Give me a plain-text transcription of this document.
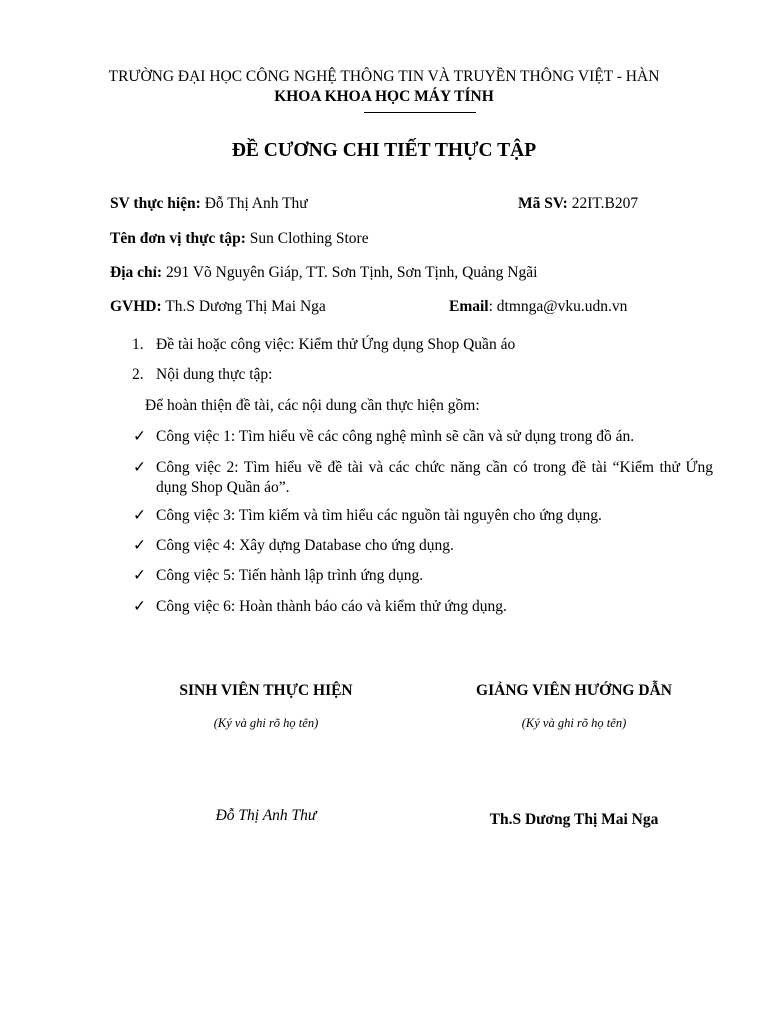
TRƯỜNG ĐẠI HỌC CÔNG NGHỆ THÔNG TIN VÀ TRUYỀN THÔNG VIỆT - HÀN
KHOA KHOA HỌC MÁY TÍNH
ĐỀ CƯƠNG CHI TIẾT THỰC TẬP
SV thực hiện: Đỗ Thị Anh Thư	Mã SV: 22IT.B207
Tên đơn vị thực tập: Sun Clothing Store
Địa chỉ: 291 Võ Nguyên Giáp, TT. Sơn Tịnh, Sơn Tịnh, Quảng Ngãi
GVHD: Th.S Dương Thị Mai Nga	Email: dtmnga@vku.udn.vn
1. Đề tài hoặc công việc: Kiểm thử Ứng dụng Shop Quần áo
2. Nội dung thực tập:
Để hoàn thiện đề tài, các nội dung cần thực hiện gồm:
✓ Công việc 1: Tìm hiểu về các công nghệ mình sẽ cần và sử dụng trong đồ án.
✓ Công việc 2: Tìm hiểu về đề tài và các chức năng cần có trong đề tài “Kiểm thử Ứng dụng Shop Quần áo”.
✓ Công việc 3: Tìm kiếm và tìm hiểu các nguồn tài nguyên cho ứng dụng.
✓ Công việc 4: Xây dựng Database cho ứng dụng.
✓ Công việc 5: Tiến hành lập trình ứng dụng.
✓ Công việc 6: Hoàn thành báo cáo và kiểm thử ứng dụng.
SINH VIÊN THỰC HIỆN
(Ký và ghi rõ họ tên)
Đỗ Thị Anh Thư
GIẢNG VIÊN HƯỚNG DẪN
(Ký và ghi rõ họ tên)
Th.S Dương Thị Mai Nga
